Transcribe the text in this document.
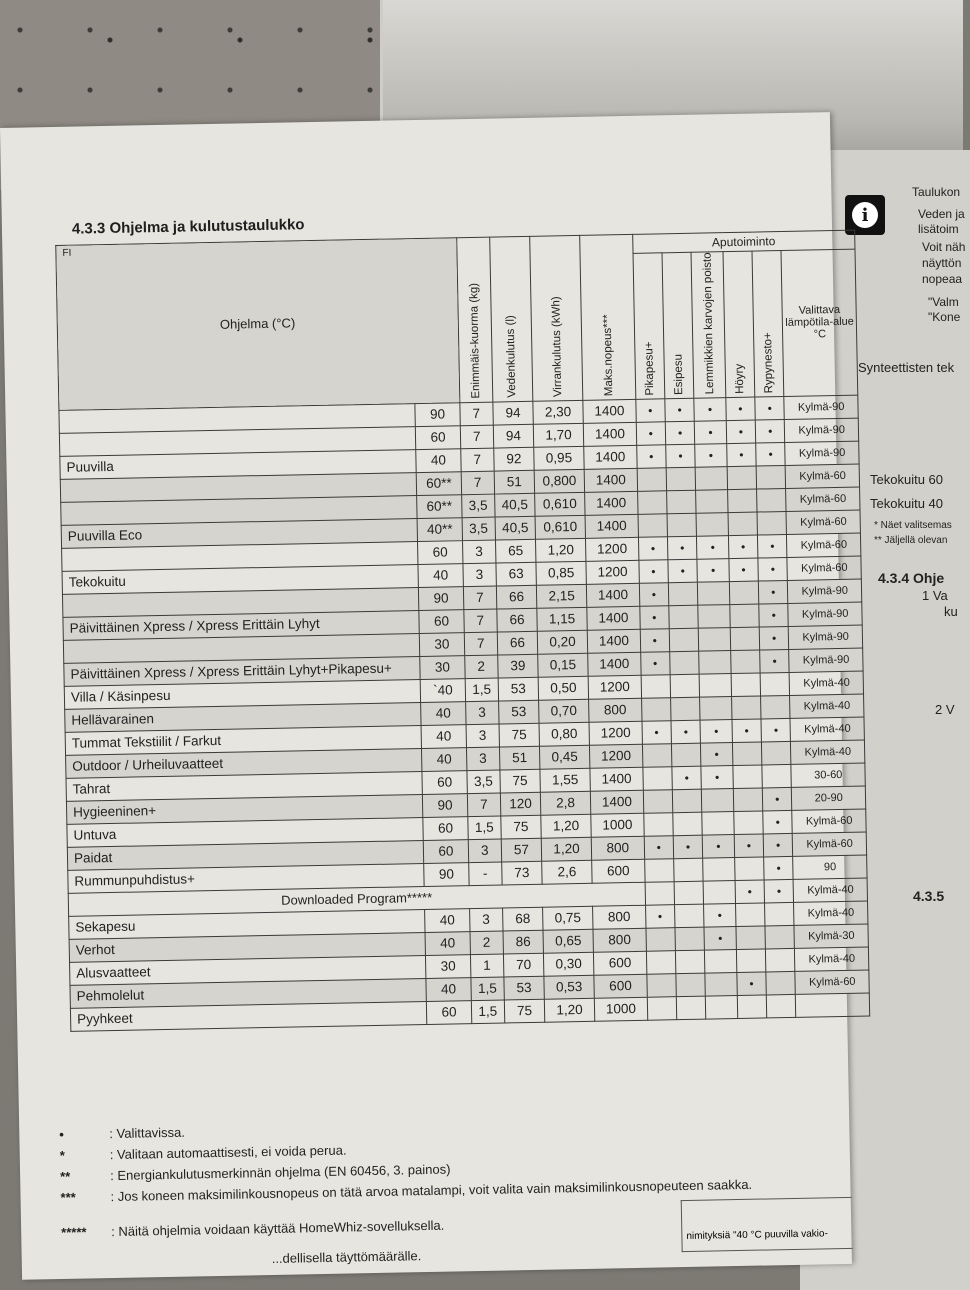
i
Taulukon
Veden ja
lisätoim
Voit näh
näyttön
nopeaa
"Valm
"Kone
Synteettisten tek
Tekokuitu 60
Tekokuitu 40
* Näet valitsemas
** Jäljellä olevan
4.3.4 Ohje
1 Va
ku
2 V
4.3.5
4.3.3 Ohjelma ja kulutustaulukko
FI
Ohjelma (°C)		Enimmäis-kuorma (kg)	Vedenkulutus (l)	Virrankulutus (kWh)	Maks.nopeus***	Aputoiminto					
						Pikapesu+	Esipesu	Lemmikkien karvojen poisto	Höyry	Rypynesto+	Valittava lämpötila-alue °C
	90	7	94	2,30	1400	•	•	•	•	•	Kylmä-90
	60	7	94	1,70	1400	•	•	•	•	•	Kylmä-90
Puuvilla	40	7	92	0,95	1400	•	•	•	•	•	Kylmä-90
	60**	7	51	0,800	1400						Kylmä-60
	60**	3,5	40,5	0,610	1400						Kylmä-60
Puuvilla Eco	40**	3,5	40,5	0,610	1400						Kylmä-60
	60	3	65	1,20	1200	•	•	•	•	•	Kylmä-60
Tekokuitu	40	3	63	0,85	1200	•	•	•	•	•	Kylmä-60
	90	7	66	2,15	1400	•				•	Kylmä-90
Päivittäinen Xpress / Xpress Erittäin Lyhyt	60	7	66	1,15	1400	•				•	Kylmä-90
	30	7	66	0,20	1400	•				•	Kylmä-90
Päivittäinen Xpress / Xpress Erittäin Lyhyt+Pikapesu+	30	2	39	0,15	1400	•				•	Kylmä-90
Villa / Käsinpesu	`40	1,5	53	0,50	1200						Kylmä-40
Hellävarainen	40	3	53	0,70	800						Kylmä-40
Tummat Tekstiilit / Farkut	40	3	75	0,80	1200	•	•	•	•	•	Kylmä-40
Outdoor / Urheiluvaatteet	40	3	51	0,45	1200			•			Kylmä-40
Tahrat	60	3,5	75	1,55	1400		•	•			30-60
Hygieeninen+	90	7	120	2,8	1400					•	20-90
Untuva	60	1,5	75	1,20	1000					•	Kylmä-60
Paidat	60	3	57	1,20	800	•	•	•	•	•	Kylmä-60
Rummunpuhdistus+	90	-	73	2,6	600					•	90
Downloaded Program*****									•	•	Kylmä-40
Sekapesu	40	3	68	0,75	800	•		•			Kylmä-40
Verhot	40	2	86	0,65	800			•			Kylmä-30
Alusvaatteet	30	1	70	0,30	600						Kylmä-40
Pehmolelut	40	1,5	53	0,53	600				•		Kylmä-60
Pyyhkeet	60	1,5	75	1,20	1000						
•	: Valittavissa.
*	: Valitaan automaattisesti, ei voida perua.
**	: Energiankulutusmerkinnän ohjelma (EN 60456, 3. painos)
***	: Jos koneen maksimilinkousnopeus on tätä arvoa matalampi, voit valita vain maksimilinkousnopeuteen saakka.
*****	: Näitä ohjelmia voidaan käyttää HomeWhiz-sovelluksella.
...dellisella täyttömäärälle.
nimityksiä "40 °C puuvilla vakio-
